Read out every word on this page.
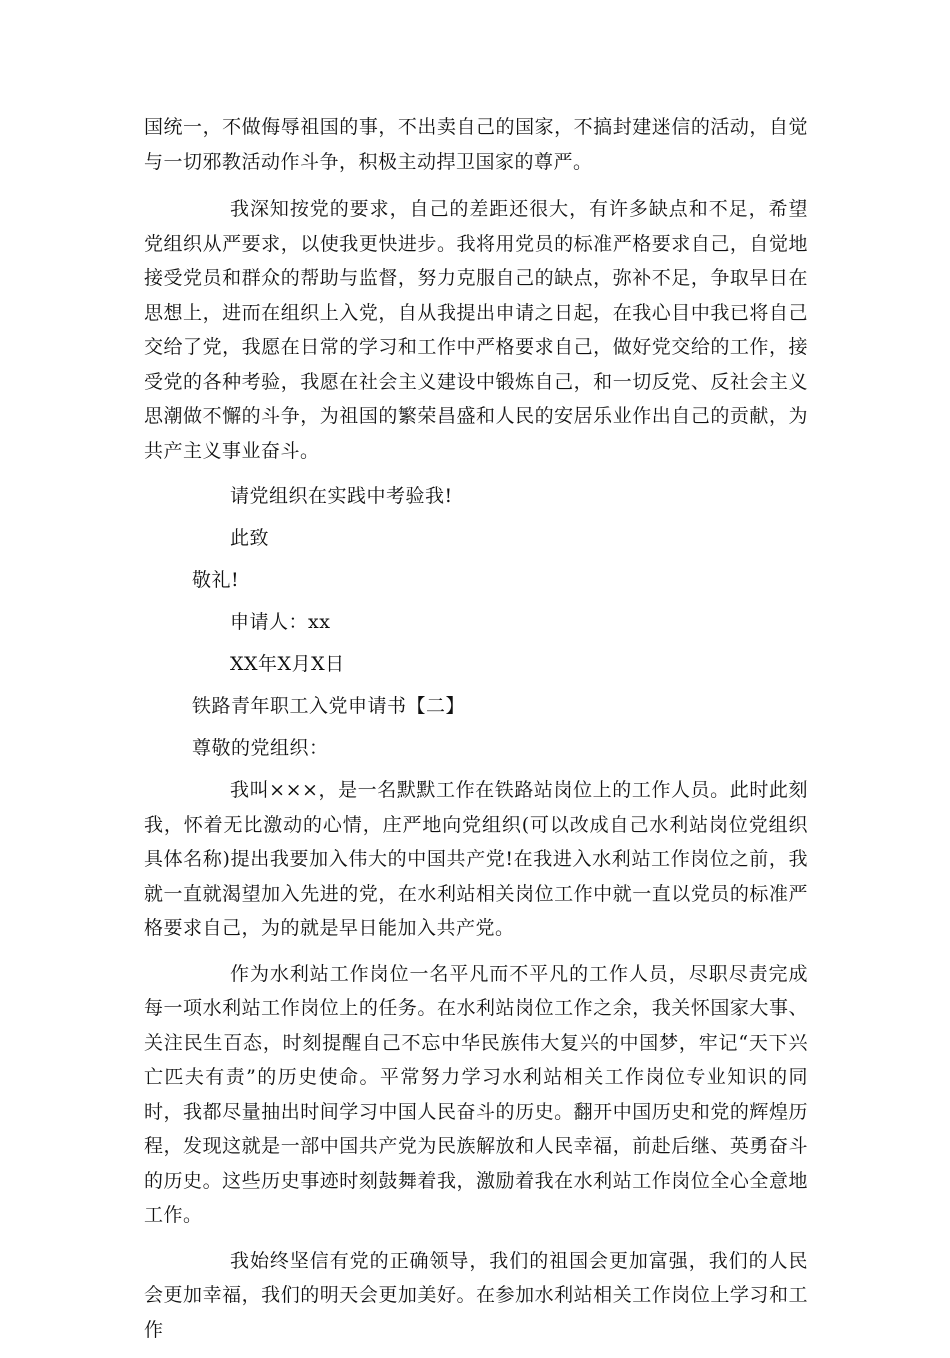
国统一，不做侮辱祖国的事，不出卖自己的国家，不搞封建迷信的活动，自觉与一切邪教活动作斗争，积极主动捍卫国家的尊严。

我深知按党的要求，自己的差距还很大，有许多缺点和不足，希望党组织从严要求，以使我更快进步。我将用党员的标准严格要求自己，自觉地接受党员和群众的帮助与监督，努力克服自己的缺点，弥补不足，争取早日在思想上，进而在组织上入党，自从我提出申请之日起，在我心目中我已将自己交给了党，我愿在日常的学习和工作中严格要求自己，做好党交给的工作，接受党的各种考验，我愿在社会主义建设中锻炼自己，和一切反党、反社会主义思潮做不懈的斗争，为祖国的繁荣昌盛和人民的安居乐业作出自己的贡献，为共产主义事业奋斗。

请党组织在实践中考验我!

此致

敬礼!

申请人：xx

XX年X月X日

铁路青年职工入党申请书【二】

尊敬的党组织：

我叫×××，是一名默默工作在铁路站岗位上的工作人员。此时此刻我，怀着无比激动的心情，庄严地向党组织(可以改成自己水利站岗位党组织具体名称)提出我要加入伟大的中国共产党!在我进入水利站工作岗位之前，我就一直就渴望加入先进的党，在水利站相关岗位工作中就一直以党员的标准严格要求自己，为的就是早日能加入共产党。

作为水利站工作岗位一名平凡而不平凡的工作人员，尽职尽责完成每一项水利站工作岗位上的任务。在水利站岗位工作之余，我关怀国家大事、关注民生百态，时刻提醒自己不忘中华民族伟大复兴的中国梦，牢记“天下兴亡匹夫有责”的历史使命。平常努力学习水利站相关工作岗位专业知识的同时，我都尽量抽出时间学习中国人民奋斗的历史。翻开中国历史和党的辉煌历程，发现这就是一部中国共产党为民族解放和人民幸福，前赴后继、英勇奋斗的历史。这些历史事迹时刻鼓舞着我，激励着我在水利站工作岗位全心全意地工作。

我始终坚信有党的正确领导，我们的祖国会更加富强，我们的人民会更加幸福，我们的明天会更加美好。在参加水利站相关工作岗位上学习和工作
